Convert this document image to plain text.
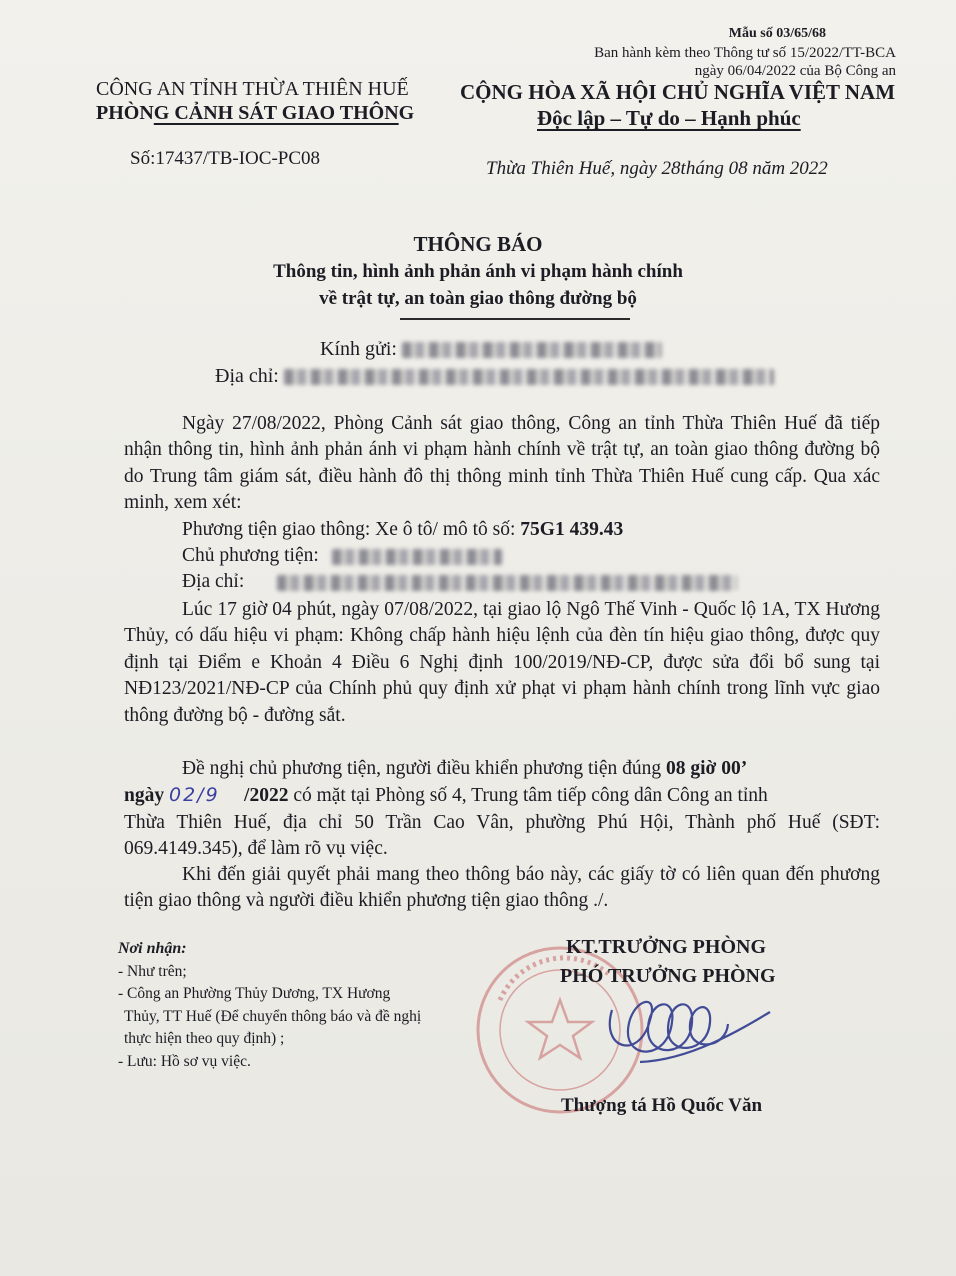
Mẫu số 03/65/68
Ban hành kèm theo Thông tư số 15/2022/TT-BCA
ngày 06/04/2022 của Bộ Công an
CÔNG AN TỈNH THỪA THIÊN HUẾ
PHÒNG CẢNH SÁT GIAO THÔNG
CỘNG HÒA XÃ HỘI CHỦ NGHĨA VIỆT NAM
Độc lập – Tự do – Hạnh phúc
Số:17437/TB-IOC-PC08	Thừa Thiên Huế, ngày 28tháng 08 năm 2022
THÔNG BÁO
Thông tin, hình ảnh phản ánh vi phạm hành chính
về trật tự, an toàn giao thông đường bộ
Kính gửi:
Địa chỉ:
Ngày 27/08/2022, Phòng Cảnh sát giao thông, Công an tỉnh Thừa Thiên Huế đã tiếp nhận thông tin, hình ảnh phản ánh vi phạm hành chính về trật tự, an toàn giao thông đường bộ do Trung tâm giám sát, điều hành đô thị thông minh tỉnh Thừa Thiên Huế cung cấp. Qua xác minh, xem xét:
Phương tiện giao thông: Xe ô tô/ mô tô số: 75G1 439.43
Chủ phương tiện:
Địa chỉ:
Lúc 17 giờ 04 phút, ngày 07/08/2022, tại giao lộ Ngô Thế Vinh - Quốc lộ 1A, TX Hương Thủy, có dấu hiệu vi phạm: Không chấp hành hiệu lệnh của đèn tín hiệu giao thông, được quy định tại Điểm e Khoản 4 Điều 6 Nghị định 100/2019/NĐ-CP, được sửa đổi bổ sung tại NĐ123/2021/NĐ-CP của Chính phủ quy định xử phạt vi phạm hành chính trong lĩnh vực giao thông đường bộ - đường sắt.
Đề nghị chủ phương tiện, người điều khiển phương tiện đúng 08 giờ 00’
ngày 02/9 /2022 có mặt tại Phòng số 4, Trung tâm tiếp công dân Công an tỉnh
Thừa Thiên Huế, địa chỉ 50 Trần Cao Vân, phường Phú Hội, Thành phố Huế (SĐT: 069.4149.345), để làm rõ vụ việc.
Khi đến giải quyết phải mang theo thông báo này, các giấy tờ có liên quan đến phương tiện giao thông và người điều khiển phương tiện giao thông ./.
Nơi nhận:
- Như trên;
- Công an Phường Thủy Dương, TX Hương
Thủy, TT Huế (Để chuyển thông báo và đề nghị
thực hiện theo quy định) ;
- Lưu: Hồ sơ vụ việc.
KT.TRƯỞNG PHÒNG
PHÓ TRƯỞNG PHÒNG
Thượng tá Hồ Quốc Văn
